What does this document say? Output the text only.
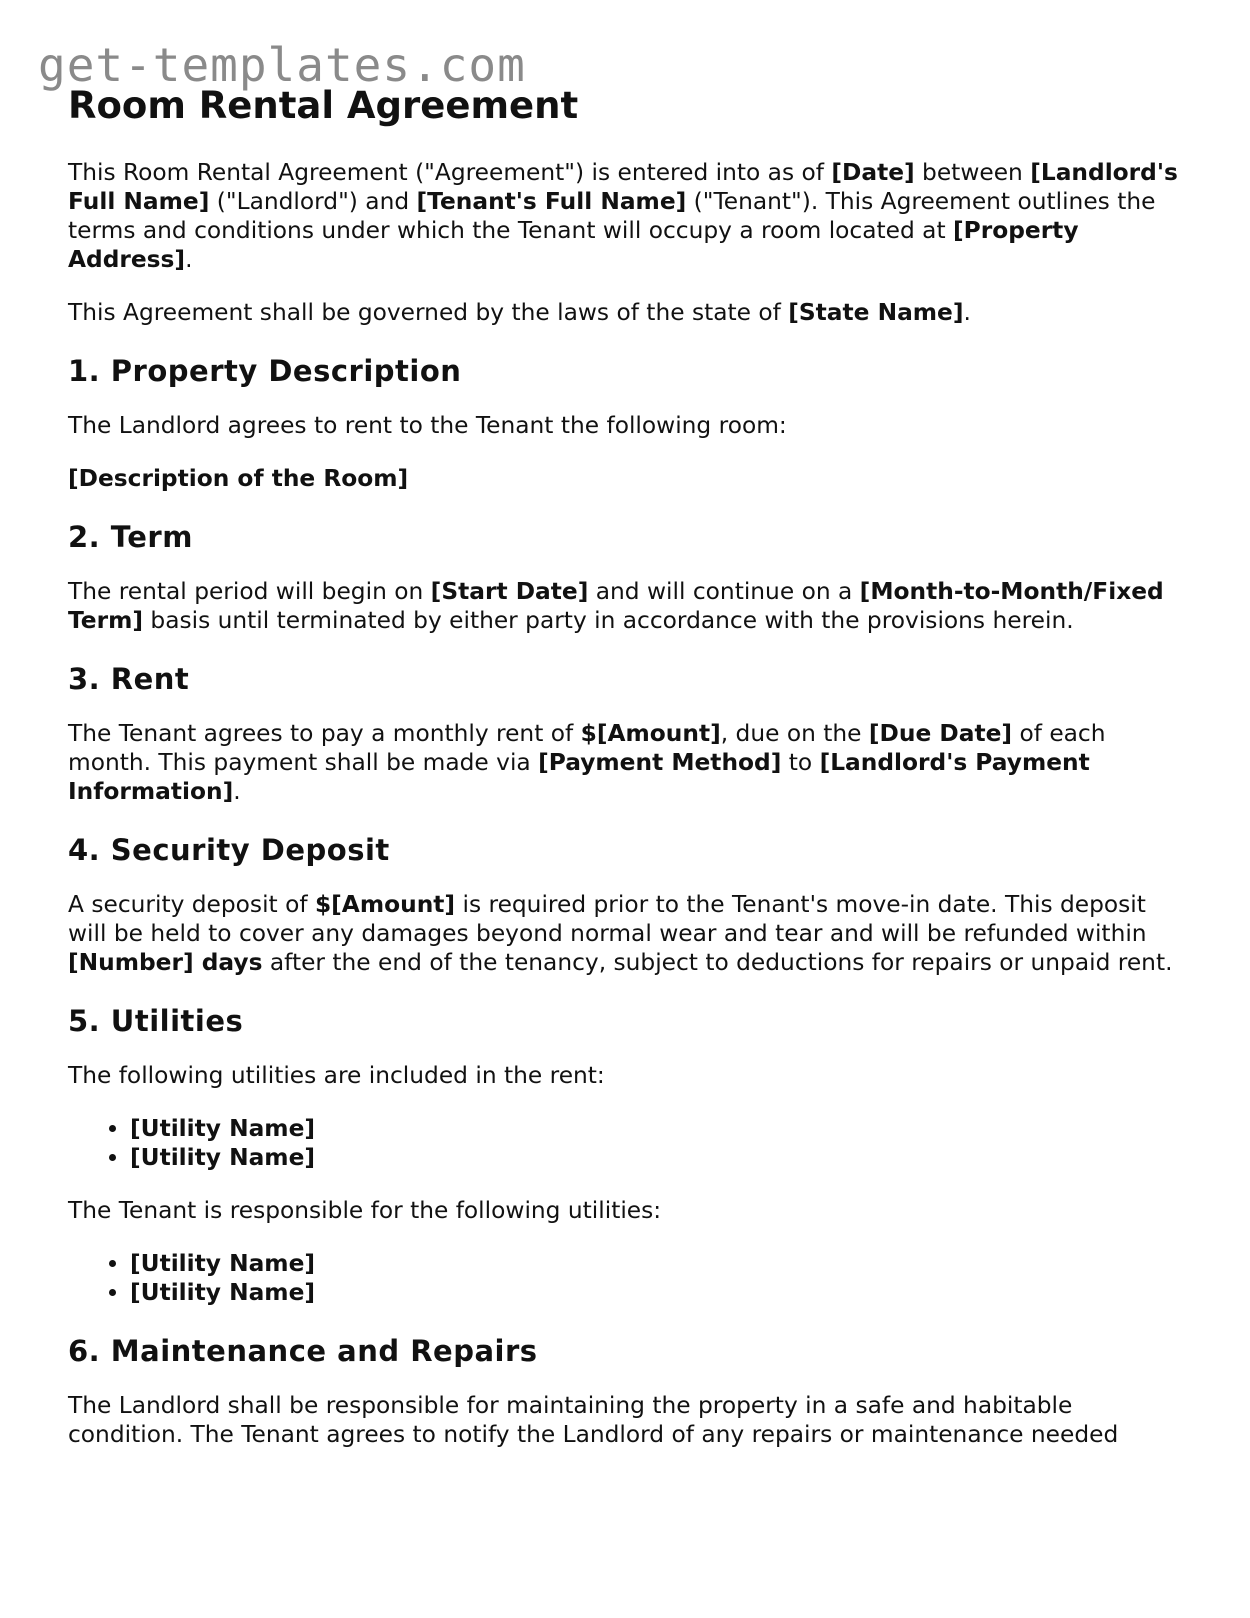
get-templates.com
Room Rental Agreement

This Room Rental Agreement ("Agreement") is entered into as of [Date] between [Landlord's Full Name] ("Landlord") and [Tenant's Full Name] ("Tenant"). This Agreement outlines the terms and conditions under which the Tenant will occupy a room located at [Property Address].

This Agreement shall be governed by the laws of the state of [State Name].

1. Property Description

The Landlord agrees to rent to the Tenant the following room:

[Description of the Room]

2. Term

The rental period will begin on [Start Date] and will continue on a [Month-to-Month/Fixed Term] basis until terminated by either party in accordance with the provisions herein.

3. Rent

The Tenant agrees to pay a monthly rent of $[Amount], due on the [Due Date] of each month. This payment shall be made via [Payment Method] to [Landlord's Payment Information].

4. Security Deposit

A security deposit of $[Amount] is required prior to the Tenant's move-in date. This deposit will be held to cover any damages beyond normal wear and tear and will be refunded within [Number] days after the end of the tenancy, subject to deductions for repairs or unpaid rent.

5. Utilities

The following utilities are included in the rent:

• [Utility Name]
• [Utility Name]

The Tenant is responsible for the following utilities:

• [Utility Name]
• [Utility Name]
6. Maintenance and Repairs

The Landlord shall be responsible for maintaining the property in a safe and habitable condition. The Tenant agrees to notify the Landlord of any repairs or maintenance needed
